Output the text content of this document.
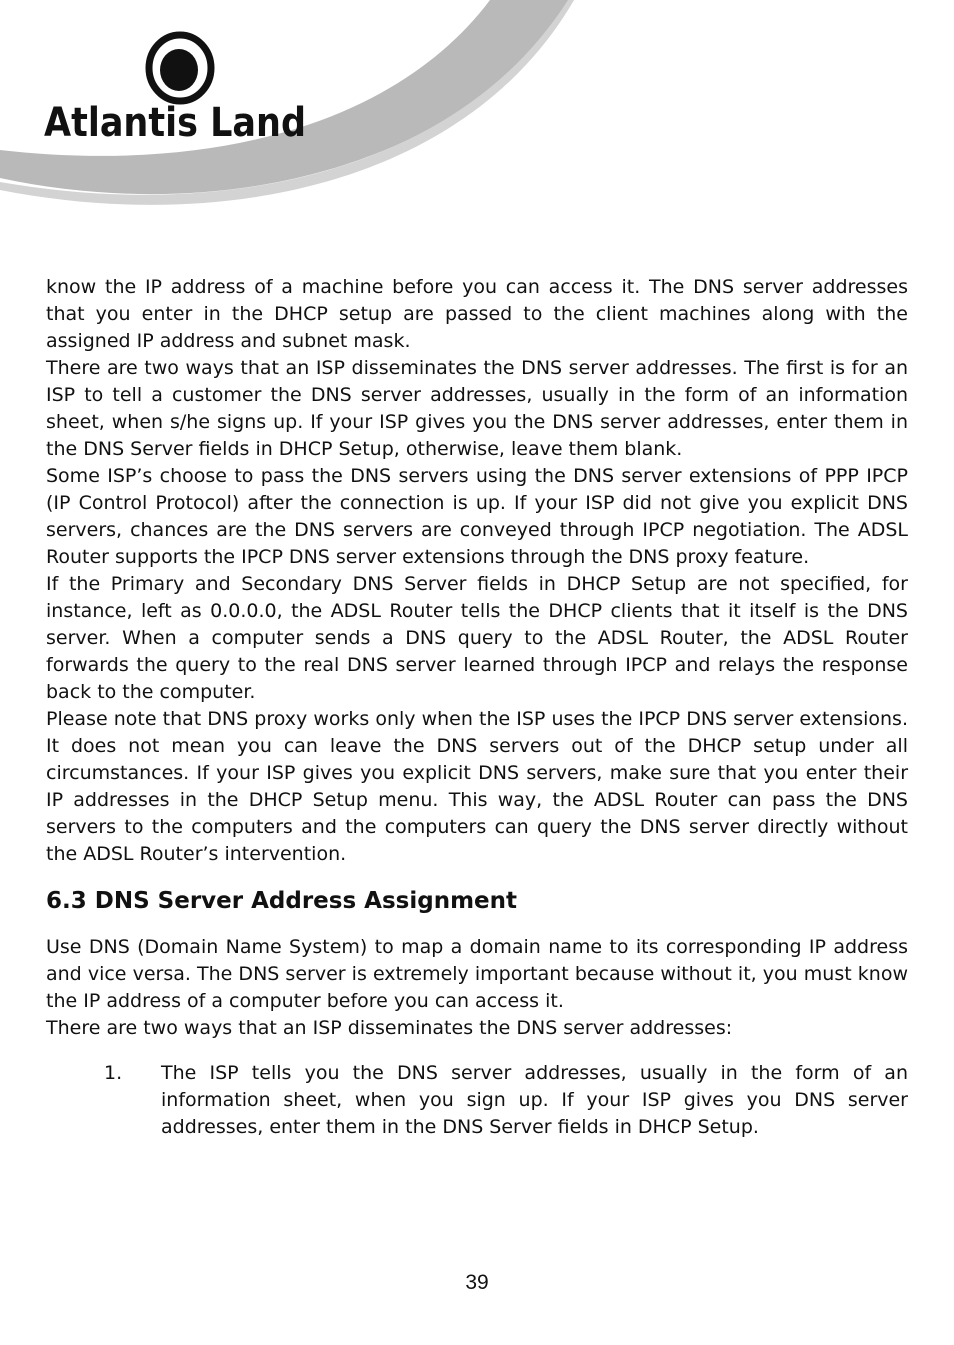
Atlantis Land

know the IP address of a machine before you can access it. The DNS server addresses that you enter in the DHCP setup are passed to the client machines along with the assigned IP address and subnet mask.

There are two ways that an ISP disseminates the DNS server addresses. The first is for an ISP to tell a customer the DNS server addresses, usually in the form of an information sheet, when s/he signs up. If your ISP gives you the DNS server addresses, enter them in the DNS Server fields in DHCP Setup, otherwise, leave them blank.

Some ISP’s choose to pass the DNS servers using the DNS server extensions of PPP IPCP (IP Control Protocol) after the connection is up. If your ISP did not give you explicit DNS servers, chances are the DNS servers are conveyed through IPCP negotiation. The ADSL Router supports the IPCP DNS server extensions through the DNS proxy feature.

If the Primary and Secondary DNS Server fields in DHCP Setup are not specified, for instance, left as 0.0.0.0, the ADSL Router tells the DHCP clients that it itself is the DNS server. When a computer sends a DNS query to the ADSL Router, the ADSL Router forwards the query to the real DNS server learned through IPCP and relays the response back to the computer.

Please note that DNS proxy works only when the ISP uses the IPCP DNS server extensions. It does not mean you can leave the DNS servers out of the DHCP setup under all circumstances. If your ISP gives you explicit DNS servers, make sure that you enter their IP addresses in the DHCP Setup menu. This way, the ADSL Router can pass the DNS servers to the computers and the computers can query the DNS server directly without the ADSL Router’s intervention.

6.3 DNS Server Address Assignment

Use DNS (Domain Name System) to map a domain name to its corresponding IP address and vice versa. The DNS server is extremely important because without it, you must know the IP address of a computer before you can access it.

There are two ways that an ISP disseminates the DNS server addresses:

1. The ISP tells you the DNS server addresses, usually in the form of an information sheet, when you sign up. If your ISP gives you DNS server addresses, enter them in the DNS Server fields in DHCP Setup.
39
